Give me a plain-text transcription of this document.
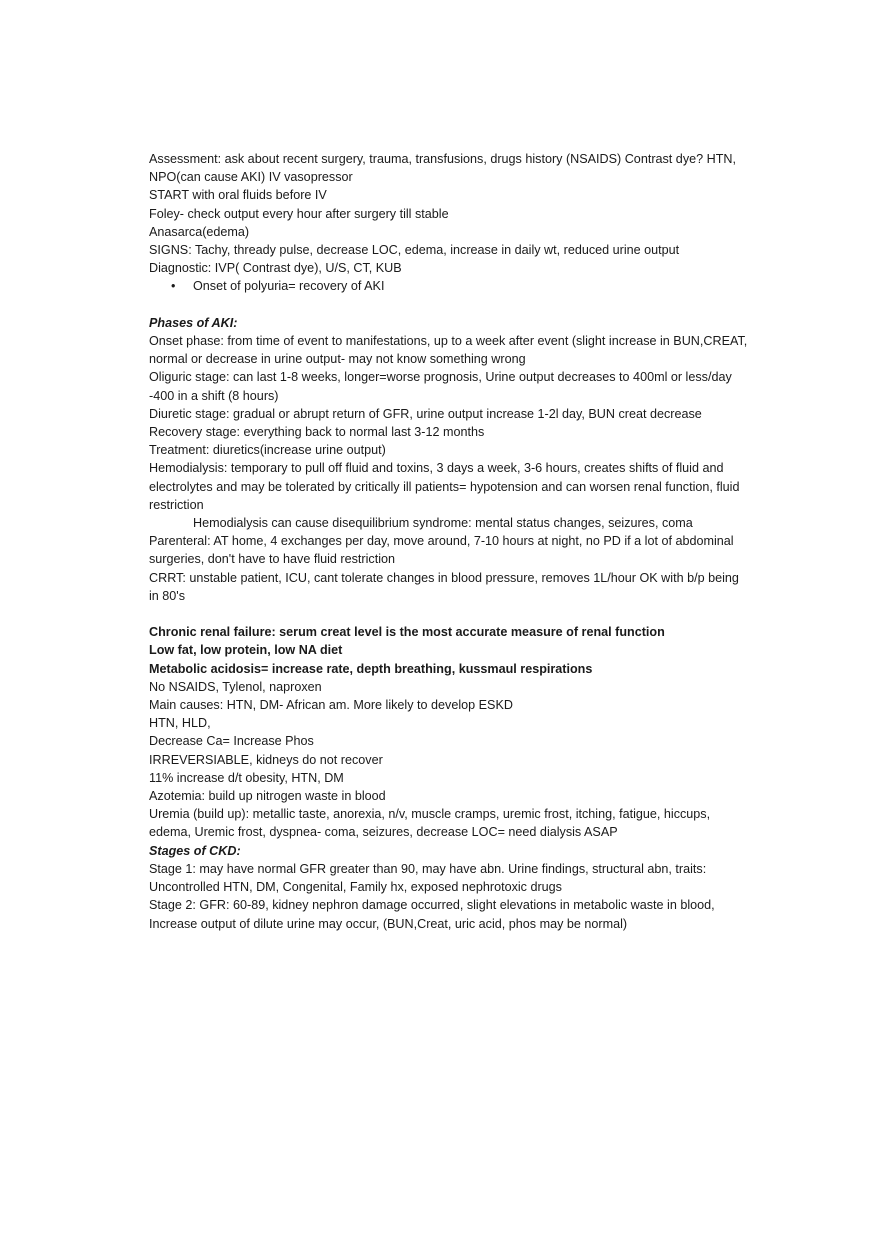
Assessment: ask about recent surgery, trauma, transfusions, drugs history (NSAIDS) Contrast dye? HTN, NPO(can cause AKI) IV vasopressor
START with oral fluids before IV
Foley- check output every hour after surgery till stable
Anasarca(edema)
SIGNS: Tachy, thready pulse, decrease LOC, edema, increase in daily wt, reduced urine output
Diagnostic: IVP( Contrast dye), U/S, CT, KUB
• Onset of polyuria= recovery of AKI
Phases of AKI:
Onset phase: from time of event to manifestations, up to a week after event (slight increase in BUN,CREAT, normal or decrease in urine output- may not know something wrong
Oliguric stage: can last 1-8 weeks, longer=worse prognosis, Urine output decreases to 400ml or less/day -400 in a shift (8 hours)
Diuretic stage: gradual or abrupt return of GFR, urine output increase 1-2l day, BUN creat decrease
Recovery stage: everything back to normal last 3-12 months
Treatment: diuretics(increase urine output)
Hemodialysis: temporary to pull off fluid and toxins, 3 days a week, 3-6 hours, creates shifts of fluid and electrolytes and may be tolerated by critically ill patients= hypotension and can worsen renal function, fluid restriction
Hemodialysis can cause disequilibrium syndrome: mental status changes, seizures, coma
Parenteral: AT home, 4 exchanges per day, move around, 7-10 hours at night, no PD if a lot of abdominal surgeries, don't have to have fluid restriction
CRRT: unstable patient, ICU, cant tolerate changes in blood pressure, removes 1L/hour OK with b/p being in 80's
Chronic renal failure: serum creat level is the most accurate measure of renal function
Low fat, low protein, low NA diet
Metabolic acidosis= increase rate, depth breathing, kussmaul respirations
No NSAIDS, Tylenol, naproxen
Main causes: HTN, DM- African am. More likely to develop ESKD
HTN, HLD,
Decrease Ca= Increase Phos
IRREVERSIABLE, kidneys do not recover
11% increase d/t obesity, HTN, DM
Azotemia: build up nitrogen waste in blood
Uremia (build up): metallic taste, anorexia, n/v, muscle cramps, uremic frost, itching, fatigue, hiccups, edema, Uremic frost, dyspnea- coma, seizures, decrease LOC= need dialysis ASAP
Stages of CKD:
Stage 1: may have normal GFR greater than 90, may have abn. Urine findings, structural abn, traits: Uncontrolled HTN, DM, Congenital, Family hx, exposed nephrotoxic drugs
Stage 2: GFR: 60-89, kidney nephron damage occurred, slight elevations in metabolic waste in blood, Increase output of dilute urine may occur, (BUN,Creat, uric acid, phos may be normal)
